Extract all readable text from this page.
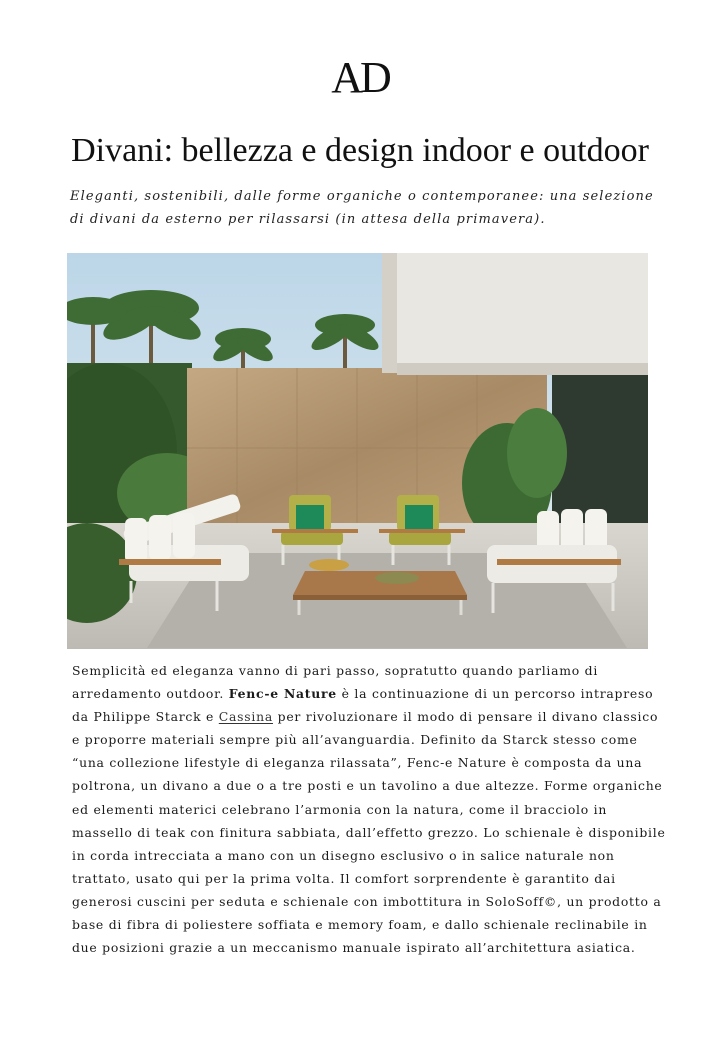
AD
Divani: bellezza e design indoor e outdoor

Eleganti, sostenibili, dalle forme organiche o contemporanee: una selezione di divani da esterno per rilassarsi (in attesa della primavera).

Semplicità ed eleganza vanno di pari passo, sopratutto quando parliamo di arredamento outdoor. Fenc-e Nature è la continuazione di un percorso intrapreso da Philippe Starck e Cassina per rivoluzionare il modo di pensare il divano classico e proporre materiali sempre più all’avanguardia. Definito da Starck stesso come “una collezione lifestyle di eleganza rilassata”, Fenc-e Nature è composta da una poltrona, un divano a due o a tre posti e un tavolino a due altezze. Forme organiche ed elementi materici celebrano l’armonia con la natura, come il bracciolo in massello di teak con finitura sabbiata, dall’effetto grezzo. Lo schienale è disponibile in corda intrecciata a mano con un disegno esclusivo o in salice naturale non trattato, usato qui per la prima volta. Il comfort sorprendente è garantito dai generosi cuscini per seduta e schienale con imbottitura in SoloSoff©, un prodotto a base di fibra di poliestere soffiata e memory foam, e dallo schienale reclinabile in due posizioni grazie a un meccanismo manuale ispirato all’architettura asiatica.
